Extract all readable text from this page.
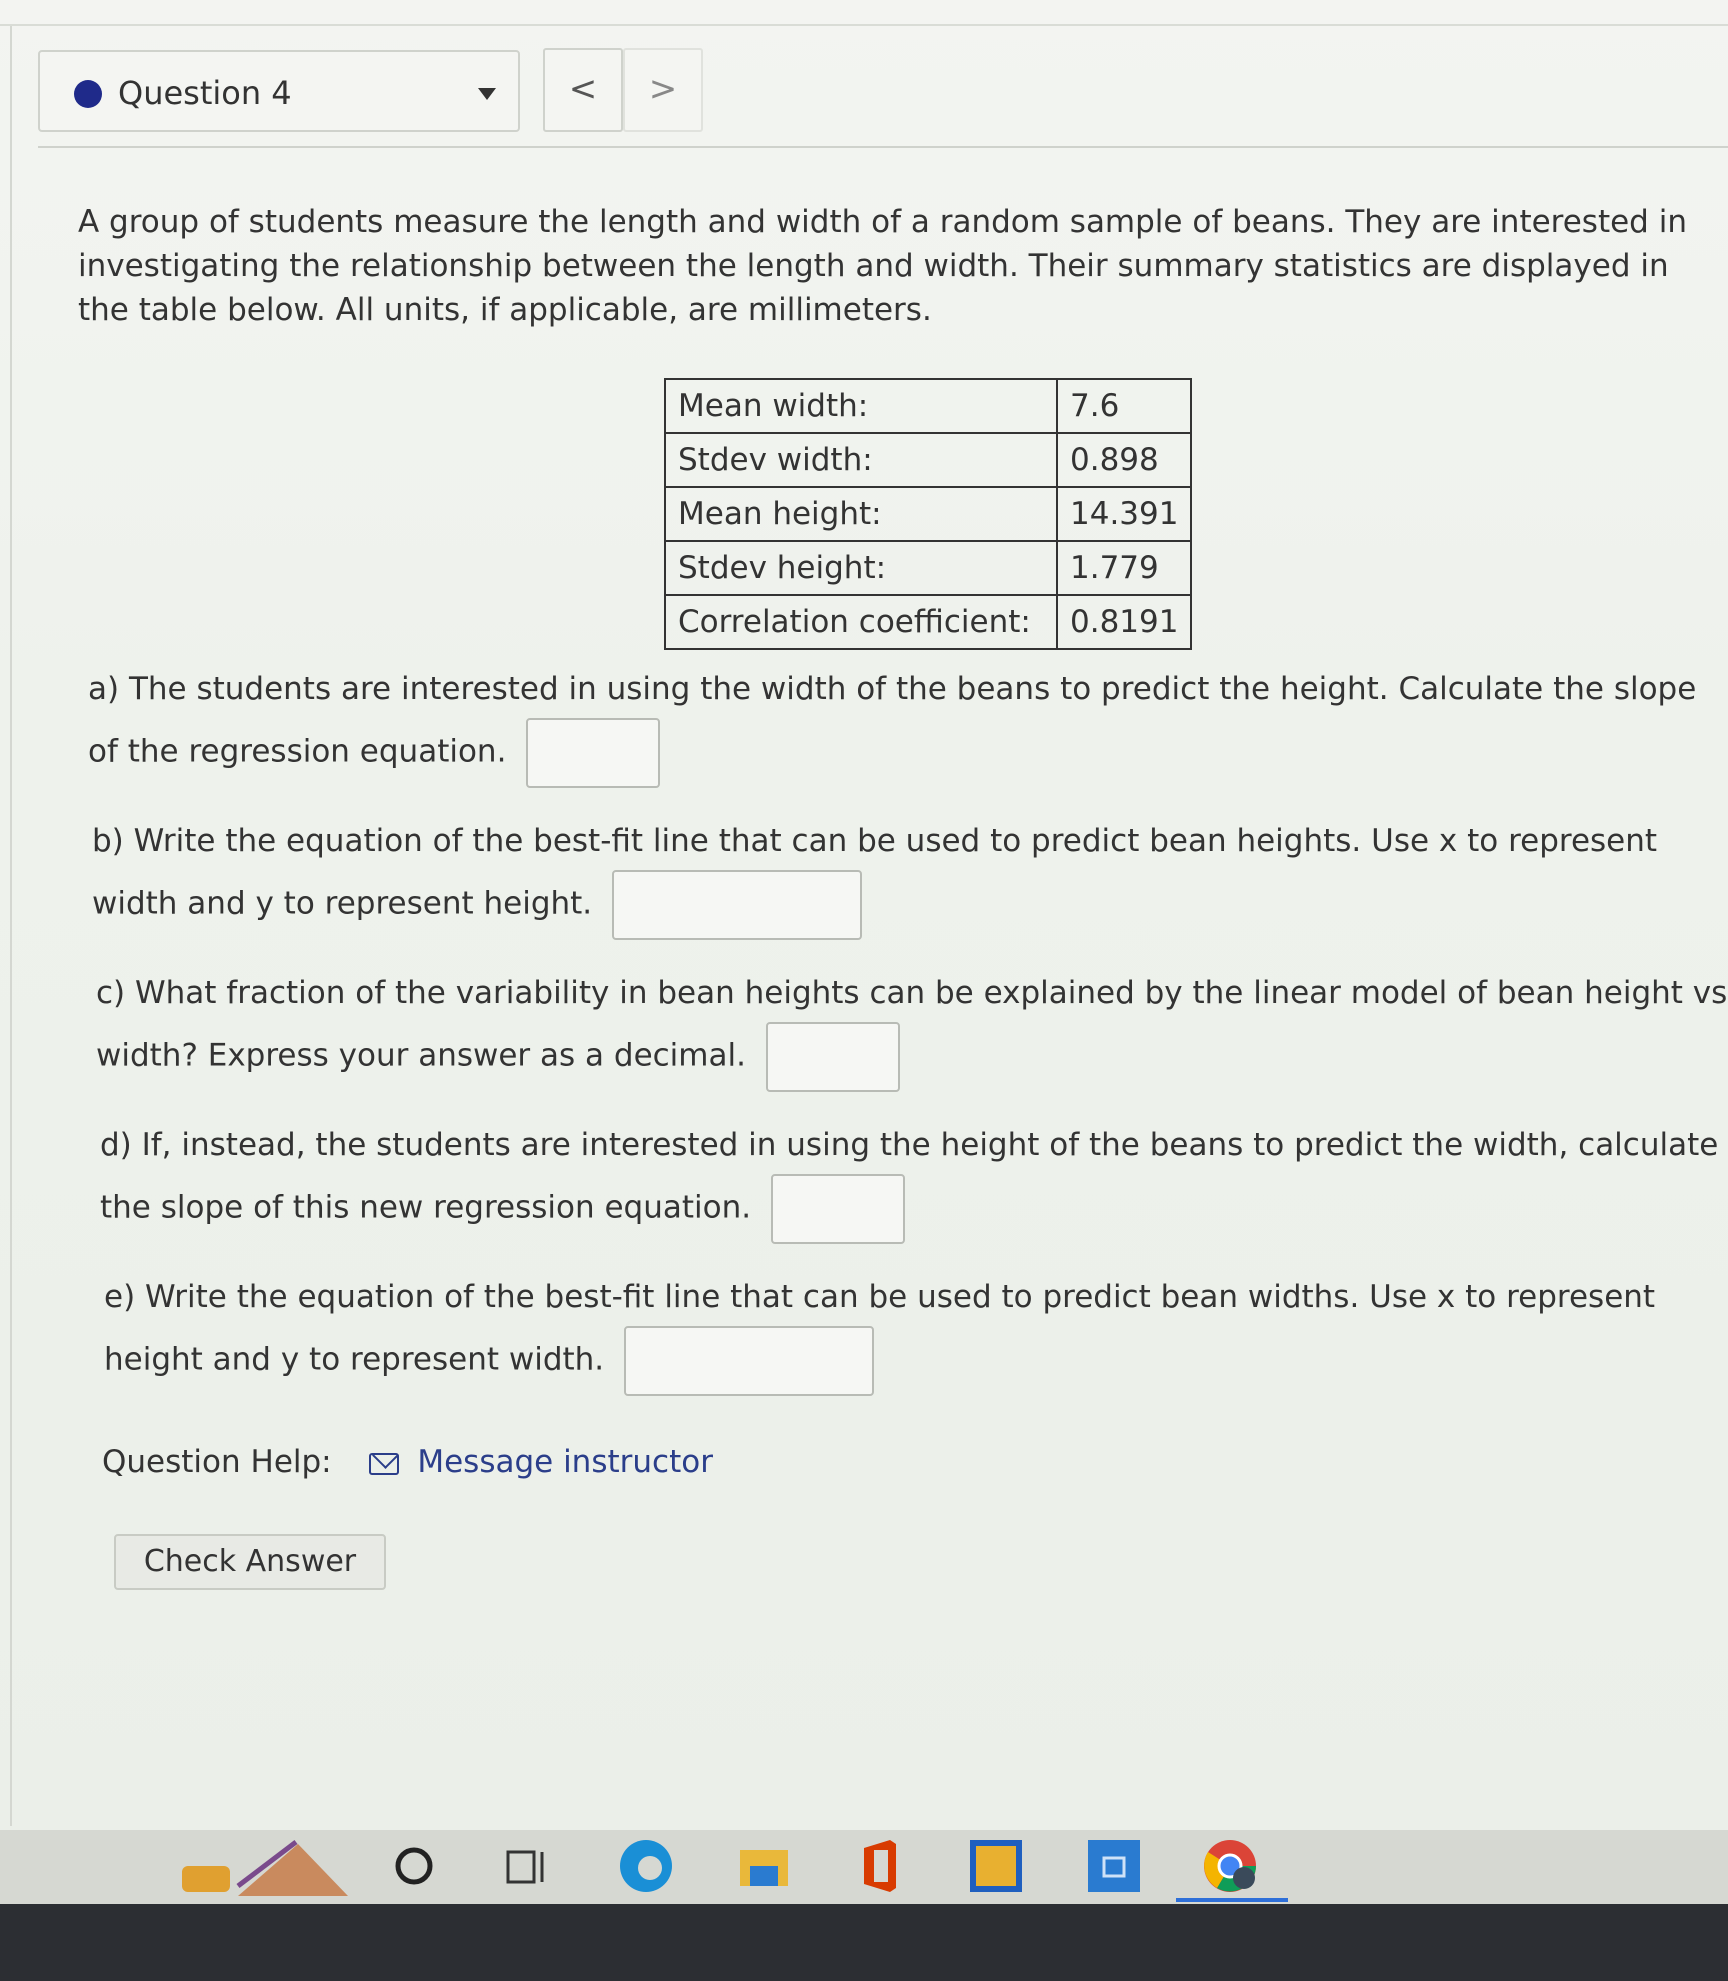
Question 4	<	>
A group of students measure the length and width of a random sample of beans. They are interested in investigating the relationship between the length and width. Their summary statistics are displayed in the table below. All units, if applicable, are millimeters.
Mean width:	7.6
Stdev width:	0.898
Mean height:	14.391
Stdev height:	1.779
Correlation coefficient:	0.8191
a) The students are interested in using the width of the beans to predict the height. Calculate the slope of the regression equation.
b) Write the equation of the best-fit line that can be used to predict bean heights. Use x to represent width and y to represent height.
c) What fraction of the variability in bean heights can be explained by the linear model of bean height vs width? Express your answer as a decimal.
d) If, instead, the students are interested in using the height of the beans to predict the width, calculate the slope of this new regression equation.
e) Write the equation of the best-fit line that can be used to predict bean widths. Use x to represent height and y to represent width.
Question Help:	Message instructor
Check Answer
